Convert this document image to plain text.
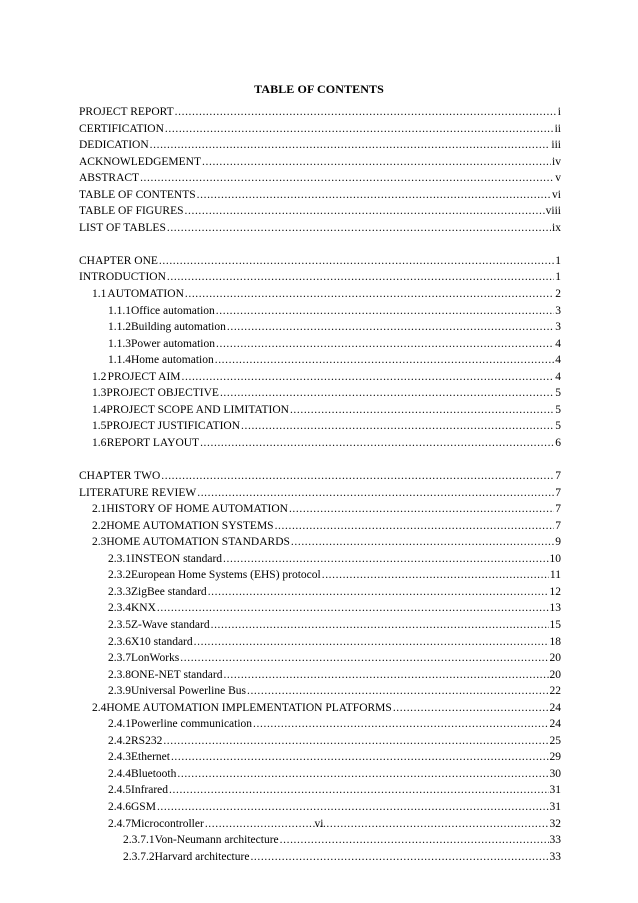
TABLE OF CONTENTS
PROJECT REPORT .....	i
CERTIFICATION .....	ii
DEDICATION .....	iii
ACKNOWLEDGEMENT .....	iv
ABSTRACT .....	v
TABLE OF CONTENTS .....	vi
TABLE OF FIGURES .....	viii
LIST OF TABLES .....	ix
CHAPTER ONE .....	1
INTRODUCTION .....	1
1.1 AUTOMATION .....	2
1.1.1 Office automation .....	3
1.1.2 Building automation .....	3
1.1.3 Power automation .....	4
1.1.4 Home automation .....	4
1.2 PROJECT AIM .....	4
1.3 PROJECT OBJECTIVE .....	5
1.4 PROJECT SCOPE AND LIMITATION .....	5
1.5 PROJECT JUSTIFICATION .....	5
1.6 REPORT LAYOUT .....	6
CHAPTER TWO .....	7
LITERATURE REVIEW .....	7
2.1 HISTORY OF HOME AUTOMATION .....	7
2.2 HOME AUTOMATION SYSTEMS .....	7
2.3 HOME AUTOMATION STANDARDS .....	9
2.3.1 INSTEON standard .....	10
2.3.2 European Home Systems (EHS) protocol .....	11
2.3.3 ZigBee standard .....	12
2.3.4 KNX .....	13
2.3.5 Z-Wave standard .....	15
2.3.6 X10 standard .....	18
2.3.7 LonWorks .....	20
2.3.8 ONE-NET standard .....	20
2.3.9 Universal Powerline Bus .....	22
2.4 HOME AUTOMATION IMPLEMENTATION PLATFORMS .....	24
2.4.1 Powerline communication .....	24
2.4.2 RS232 .....	25
2.4.3 Ethernet .....	29
2.4.4 Bluetooth .....	30
2.4.5 Infrared .....	31
2.4.6 GSM .....	31
2.4.7 Microcontroller .....	32
2.3.7.1 Von-Neumann architecture .....	33
2.3.7.2 Harvard architecture .....	33
vi
